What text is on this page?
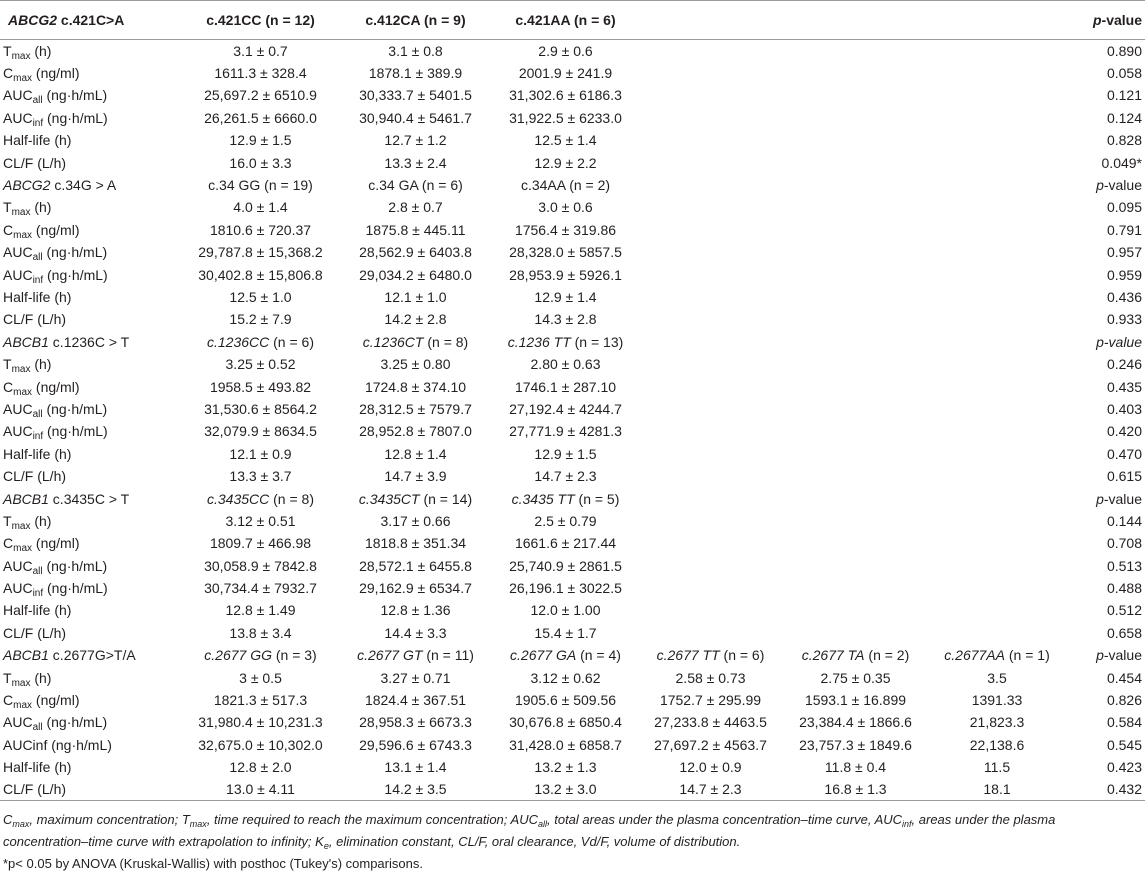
ABCG2 c.421C>A	c.421CC (n = 12)	c.412CA (n = 9)	c.421AA (n = 6)				p-value
$T_{max}$ (h)	3.1 ± 0.7	3.1 ± 0.8	2.9 ± 0.6				0.890
$C_{max}$ (ng/ml)	1611.3 ± 328.4	1878.1 ± 389.9	2001.9 ± 241.9				0.058
$AUC_{all}$ (ng·h/mL)	25,697.2 ± 6510.9	30,333.7 ± 5401.5	31,302.6 ± 6186.3				0.121
$AUC_{inf}$ (ng·h/mL)	26,261.5 ± 6660.0	30,940.4 ± 5461.7	31,922.5 ± 6233.0				0.124
Half-life (h)	12.9 ± 1.5	12.7 ± 1.2	12.5 ± 1.4				0.828
CL/F (L/h)	16.0 ± 3.3	13.3 ± 2.4	12.9 ± 2.2				0.049*
ABCG2 c.34G > A	c.34 GG (n = 19)	c.34 GA (n = 6)	c.34AA (n = 2)				p-value
$T_{max}$ (h)	4.0 ± 1.4	2.8 ± 0.7	3.0 ± 0.6				0.095
$C_{max}$ (ng/ml)	1810.6 ± 720.37	1875.8 ± 445.11	1756.4 ± 319.86				0.791
$AUC_{all}$ (ng·h/mL)	29,787.8 ± 15,368.2	28,562.9 ± 6403.8	28,328.0 ± 5857.5				0.957
$AUC_{inf}$ (ng·h/mL)	30,402.8 ± 15,806.8	29,034.2 ± 6480.0	28,953.9 ± 5926.1				0.959
Half-life (h)	12.5 ± 1.0	12.1 ± 1.0	12.9 ± 1.4				0.436
CL/F (L/h)	15.2 ± 7.9	14.2 ± 2.8	14.3 ± 2.8				0.933
ABCB1 c.1236C > T	c.1236CC (n = 6)	c.1236CT (n = 8)	c.1236 TT (n = 13)				p-value
$T_{max}$ (h)	3.25 ± 0.52	3.25 ± 0.80	2.80 ± 0.63				0.246
$C_{max}$ (ng/ml)	1958.5 ± 493.82	1724.8 ± 374.10	1746.1 ± 287.10				0.435
$AUC_{all}$ (ng·h/mL)	31,530.6 ± 8564.2	28,312.5 ± 7579.7	27,192.4 ± 4244.7				0.403
$AUC_{inf}$ (ng·h/mL)	32,079.9 ± 8634.5	28,952.8 ± 7807.0	27,771.9 ± 4281.3				0.420
Half-life (h)	12.1 ± 0.9	12.8 ± 1.4	12.9 ± 1.5				0.470
CL/F (L/h)	13.3 ± 3.7	14.7 ± 3.9	14.7 ± 2.3				0.615
ABCB1 c.3435C > T	c.3435CC (n = 8)	c.3435CT (n = 14)	c.3435 TT (n = 5)				p-value
$T_{max}$ (h)	3.12 ± 0.51	3.17 ± 0.66	2.5 ± 0.79				0.144
$C_{max}$ (ng/ml)	1809.7 ± 466.98	1818.8 ± 351.34	1661.6 ± 217.44				0.708
$AUC_{all}$ (ng·h/mL)	30,058.9 ± 7842.8	28,572.1 ± 6455.8	25,740.9 ± 2861.5				0.513
$AUC_{inf}$ (ng·h/mL)	30,734.4 ± 7932.7	29,162.9 ± 6534.7	26,196.1 ± 3022.5				0.488
Half-life (h)	12.8 ± 1.49	12.8 ± 1.36	12.0 ± 1.00				0.512
CL/F (L/h)	13.8 ± 3.4	14.4 ± 3.3	15.4 ± 1.7				0.658
ABCB1 c.2677G>T/A	c.2677 GG (n = 3)	c.2677 GT (n = 11)	c.2677 GA (n = 4)	c.2677 TT (n = 6)	c.2677 TA (n = 2)	c.2677AA (n = 1)	p-value
$T_{max}$ (h)	3 ± 0.5	3.27 ± 0.71	3.12 ± 0.62	2.58 ± 0.73	2.75 ± 0.35	3.5	0.454
$C_{max}$ (ng/ml)	1821.3 ± 517.3	1824.4 ± 367.51	1905.6 ± 509.56	1752.7 ± 295.99	1593.1 ± 16.899	1391.33	0.826
$AUC_{all}$ (ng·h/mL)	31,980.4 ± 10,231.3	28,958.3 ± 6673.3	30,676.8 ± 6850.4	27,233.8 ± 4463.5	23,384.4 ± 1866.6	21,823.3	0.584
AUCinf (ng·h/mL)	32,675.0 ± 10,302.0	29,596.6 ± 6743.3	31,428.0 ± 6858.7	27,697.2 ± 4563.7	23,757.3 ± 1849.6	22,138.6	0.545
Half-life (h)	12.8 ± 2.0	13.1 ± 1.4	13.2 ± 1.3	12.0 ± 0.9	11.8 ± 0.4	11.5	0.423
CL/F (L/h)	13.0 ± 4.11	14.2 ± 3.5	13.2 ± 3.0	14.7 ± 2.3	16.8 ± 1.3	18.1	0.432
$C_{max}$, maximum concentration; $T_{max}$, time required to reach the maximum concentration; $AUC_{all}$, total areas under the plasma concentration–time curve, $AUC_{inf}$, areas under the plasma
concentration–time curve with extrapolation to infinity; $K_e$, elimination constant, CL/F, oral clearance, Vd/F, volume of distribution.
*p< 0.05 by ANOVA (Kruskal-Wallis) with posthoc (Tukey's) comparisons.
